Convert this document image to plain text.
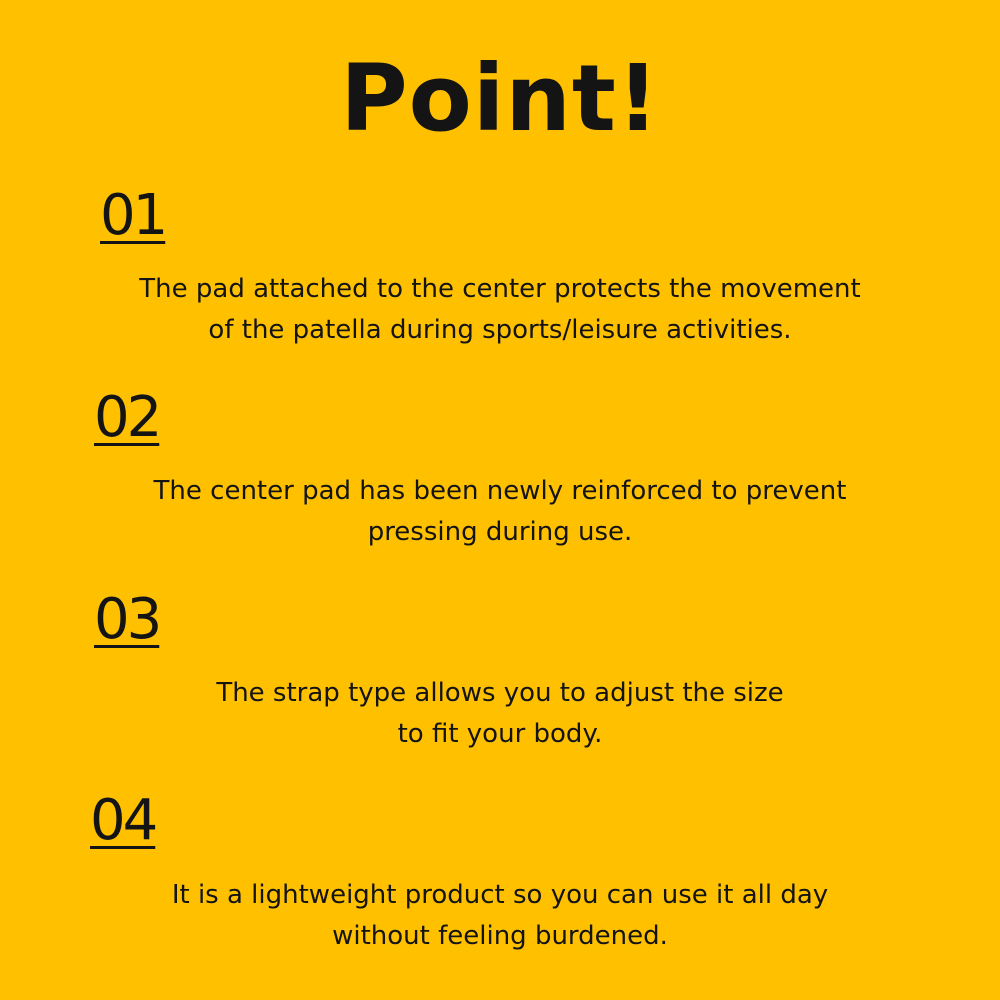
Point!
01

The pad attached to the center protects the movement
of the patella during sports/leisure activities.

02

The center pad has been newly reinforced to prevent
pressing during use.

03

The strap type allows you to adjust the size
to fit your body.

04

It is a lightweight product so you can use it all day
without feeling burdened.
